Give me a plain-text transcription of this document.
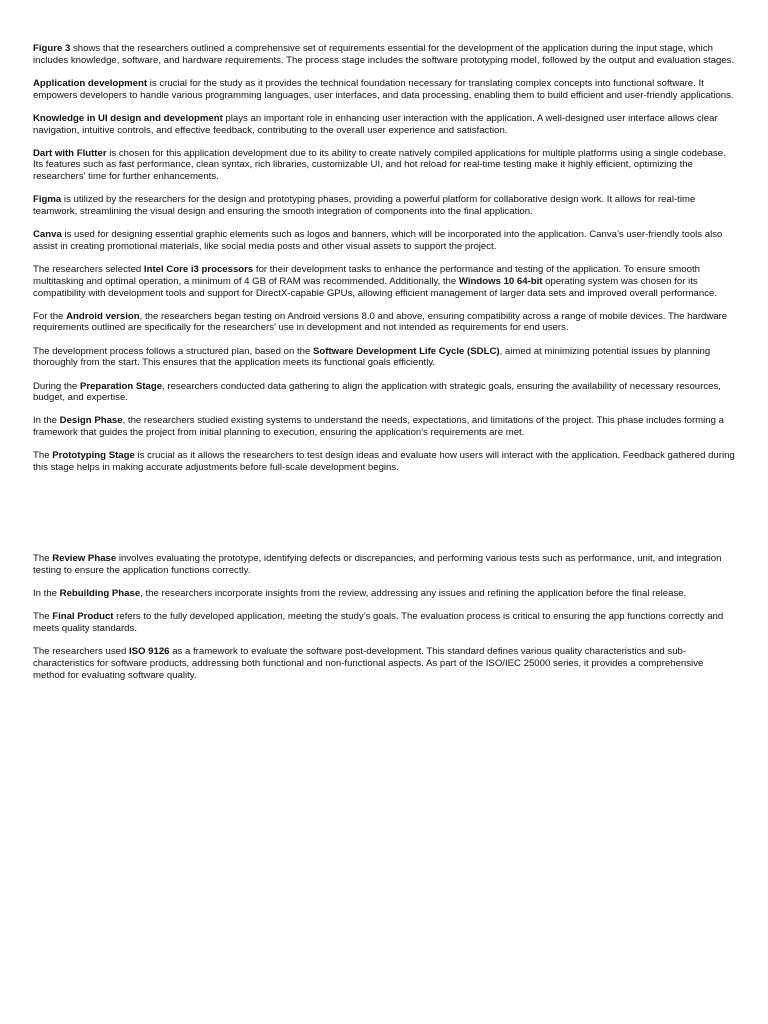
Figure 3 shows that the researchers outlined a comprehensive set of requirements essential for the development of the application during the input stage, which includes knowledge, software, and hardware requirements. The process stage includes the software prototyping model, followed by the output and evaluation stages.

Application development is crucial for the study as it provides the technical foundation necessary for translating complex concepts into functional software. It empowers developers to handle various programming languages, user interfaces, and data processing, enabling them to build efficient and user-friendly applications.

Knowledge in UI design and development plays an important role in enhancing user interaction with the application. A well-designed user interface allows clear navigation, intuitive controls, and effective feedback, contributing to the overall user experience and satisfaction.

Dart with Flutter is chosen for this application development due to its ability to create natively compiled applications for multiple platforms using a single codebase. Its features such as fast performance, clean syntax, rich libraries, customizable UI, and hot reload for real-time testing make it highly efficient, optimizing the researchers' time for further enhancements.

Figma is utilized by the researchers for the design and prototyping phases, providing a powerful platform for collaborative design work. It allows for real-time teamwork, streamlining the visual design and ensuring the smooth integration of components into the final application.

Canva is used for designing essential graphic elements such as logos and banners, which will be incorporated into the application. Canva’s user-friendly tools also assist in creating promotional materials, like social media posts and other visual assets to support the project.

The researchers selected Intel Core i3 processors for their development tasks to enhance the performance and testing of the application. To ensure smooth multitasking and optimal operation, a minimum of 4 GB of RAM was recommended. Additionally, the Windows 10 64-bit operating system was chosen for its compatibility with development tools and support for DirectX-capable GPUs, allowing efficient management of larger data sets and improved overall performance.

For the Android version, the researchers began testing on Android versions 8.0 and above, ensuring compatibility across a range of mobile devices. The hardware requirements outlined are specifically for the researchers’ use in development and not intended as requirements for end users.

The development process follows a structured plan, based on the Software Development Life Cycle (SDLC), aimed at minimizing potential issues by planning thoroughly from the start. This ensures that the application meets its functional goals efficiently.

During the Preparation Stage, researchers conducted data gathering to align the application with strategic goals, ensuring the availability of necessary resources, budget, and expertise.

In the Design Phase, the researchers studied existing systems to understand the needs, expectations, and limitations of the project. This phase includes forming a framework that guides the project from initial planning to execution, ensuring the application's requirements are met.

The Prototyping Stage is crucial as it allows the researchers to test design ideas and evaluate how users will interact with the application. Feedback gathered during this stage helps in making accurate adjustments before full-scale development begins.

The Review Phase involves evaluating the prototype, identifying defects or discrepancies, and performing various tests such as performance, unit, and integration testing to ensure the application functions correctly.

In the Rebuilding Phase, the researchers incorporate insights from the review, addressing any issues and refining the application before the final release.

The Final Product refers to the fully developed application, meeting the study’s goals. The evaluation process is critical to ensuring the app functions correctly and meets quality standards.

The researchers used ISO 9126 as a framework to evaluate the software post-development. This standard defines various quality characteristics and sub-characteristics for software products, addressing both functional and non-functional aspects. As part of the ISO/IEC 25000 series, it provides a comprehensive method for evaluating software quality.
